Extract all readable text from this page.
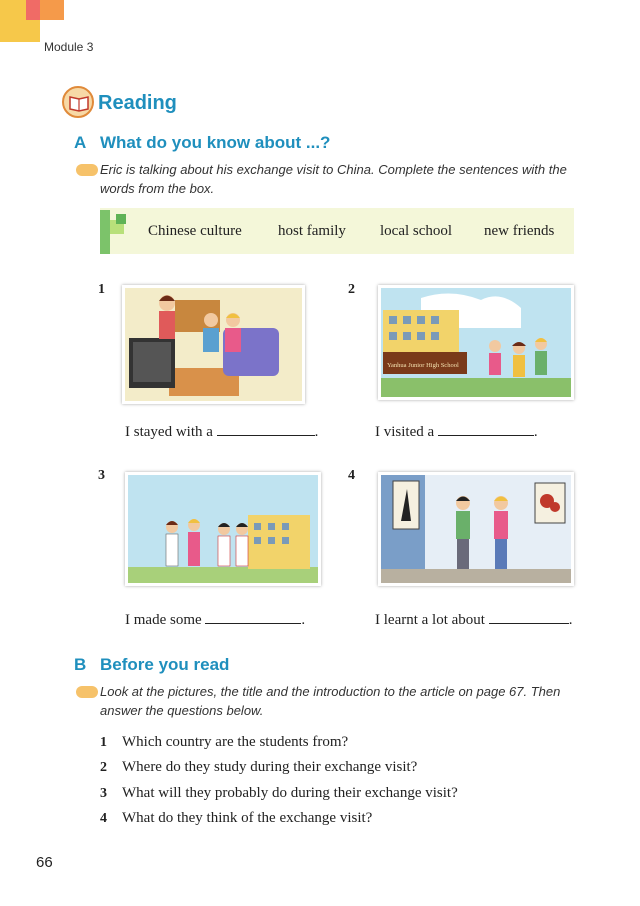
Module 3
Reading
A What do you know about ...?
Eric is talking about his exchange visit to China. Complete the sentences with the
words from the box.
Chinese culture host family local school new friends
1
I stayed with a	.
2
Yanhua Junior High School
I visited a	.
3
I made some	.
4
I learnt a lot about	.
B Before you read
Look at the pictures, the title and the introduction to the article on page 67. Then
answer the questions below.
1 Which country are the students from?
2 Where do they study during their exchange visit?
3 What will they probably do during their exchange visit?
4 What do they think of the exchange visit?
66
